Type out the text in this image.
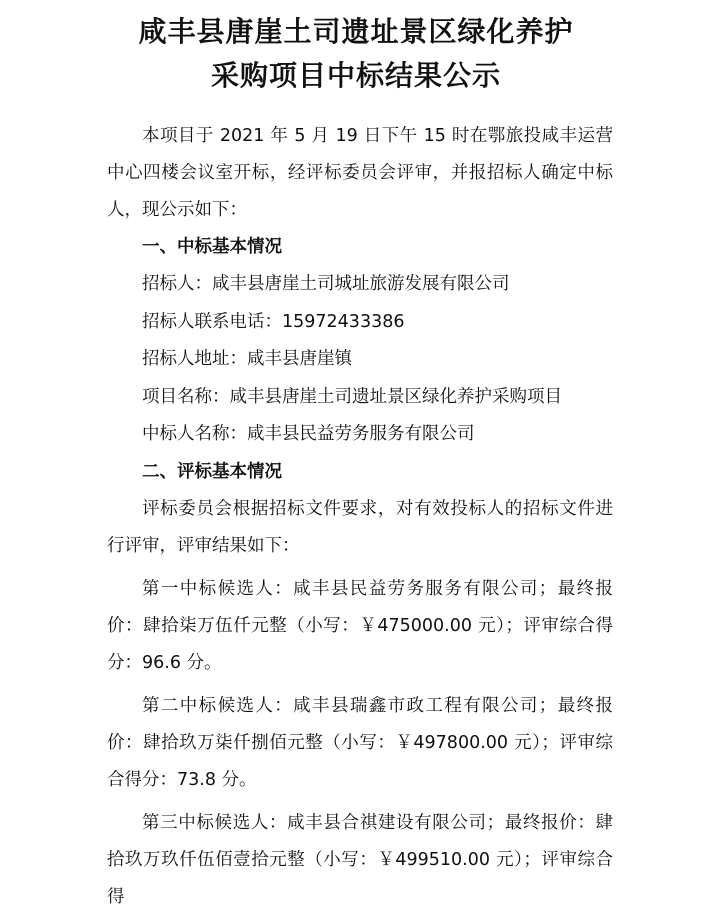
咸丰县唐崖土司遗址景区绿化养护
采购项目中标结果公示

本项目于 2021 年 5 月 19 日下午 15 时在鄂旅投咸丰运营中心四楼会议室开标，经评标委员会评审，并报招标人确定中标人，现公示如下：

一、中标基本情况

招标人：咸丰县唐崖土司城址旅游发展有限公司

招标人联系电话：15972433386

招标人地址：咸丰县唐崖镇

项目名称：咸丰县唐崖土司遗址景区绿化养护采购项目

中标人名称：咸丰县民益劳务服务有限公司

二、评标基本情况

评标委员会根据招标文件要求，对有效投标人的招标文件进行评审，评审结果如下：

第一中标候选人：咸丰县民益劳务服务有限公司；最终报价：肆拾柒万伍仟元整（小写：￥475000.00 元）；评审综合得分：96.6 分。

第二中标候选人：咸丰县瑞鑫市政工程有限公司；最终报价：肆拾玖万柒仟捌佰元整（小写：￥497800.00 元）；评审综合得分：73.8 分。

第三中标候选人：咸丰县合祺建设有限公司；最终报价：肆拾玖万玖仟伍佰壹拾元整（小写：￥499510.00 元）；评审综合得
